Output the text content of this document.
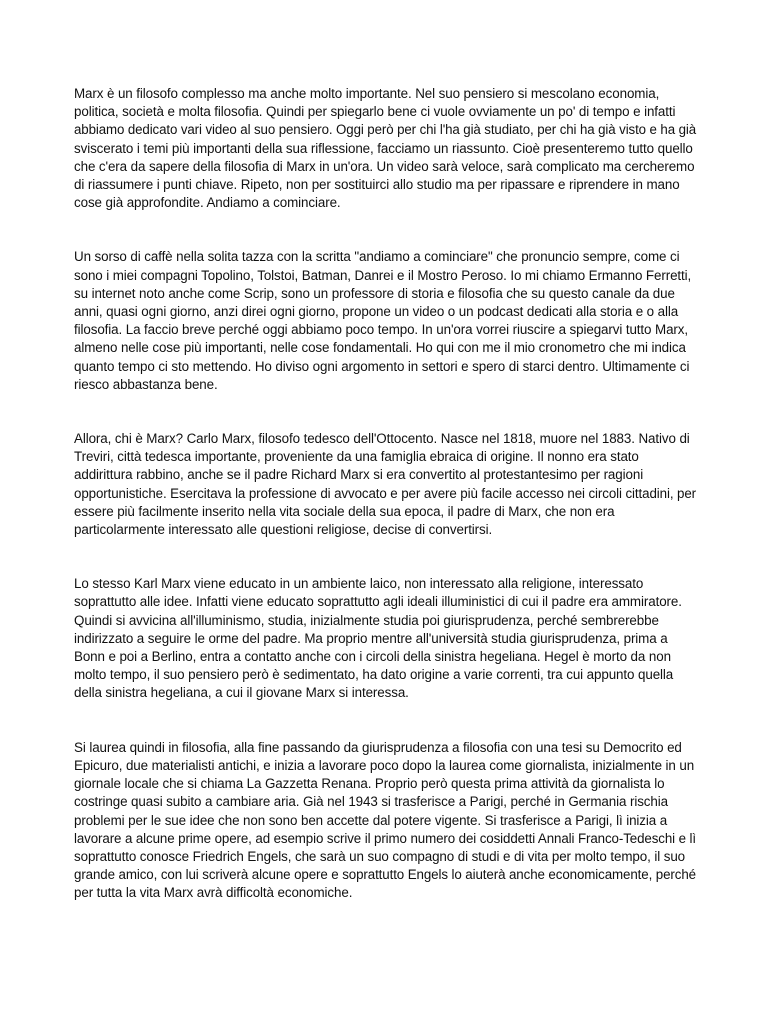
Marx è un filosofo complesso ma anche molto importante. Nel suo pensiero si mescolano economia,
politica, società e molta filosofia. Quindi per spiegarlo bene ci vuole ovviamente un po' di tempo e infatti
abbiamo dedicato vari video al suo pensiero. Oggi però per chi l'ha già studiato, per chi ha già visto e ha già
sviscerato i temi più importanti della sua riflessione, facciamo un riassunto. Cioè presenteremo tutto quello
che c'era da sapere della filosofia di Marx in un'ora. Un video sarà veloce, sarà complicato ma cercheremo
di riassumere i punti chiave. Ripeto, non per sostituirci allo studio ma per ripassare e riprendere in mano
cose già approfondite. Andiamo a cominciare.

Un sorso di caffè nella solita tazza con la scritta "andiamo a cominciare" che pronuncio sempre, come ci
sono i miei compagni Topolino, Tolstoi, Batman, Danrei e il Mostro Peroso. Io mi chiamo Ermanno Ferretti,
su internet noto anche come Scrip, sono un professore di storia e filosofia che su questo canale da due
anni, quasi ogni giorno, anzi direi ogni giorno, propone un video o un podcast dedicati alla storia e o alla
filosofia. La faccio breve perché oggi abbiamo poco tempo. In un'ora vorrei riuscire a spiegarvi tutto Marx,
almeno nelle cose più importanti, nelle cose fondamentali. Ho qui con me il mio cronometro che mi indica
quanto tempo ci sto mettendo. Ho diviso ogni argomento in settori e spero di starci dentro. Ultimamente ci
riesco abbastanza bene.

Allora, chi è Marx? Carlo Marx, filosofo tedesco dell'Ottocento. Nasce nel 1818, muore nel 1883. Nativo di
Treviri, città tedesca importante, proveniente da una famiglia ebraica di origine. Il nonno era stato
addirittura rabbino, anche se il padre Richard Marx si era convertito al protestantesimo per ragioni
opportunistiche. Esercitava la professione di avvocato e per avere più facile accesso nei circoli cittadini, per
essere più facilmente inserito nella vita sociale della sua epoca, il padre di Marx, che non era
particolarmente interessato alle questioni religiose, decise di convertirsi.

Lo stesso Karl Marx viene educato in un ambiente laico, non interessato alla religione, interessato
soprattutto alle idee. Infatti viene educato soprattutto agli ideali illuministici di cui il padre era ammiratore.
Quindi si avvicina all'illuminismo, studia, inizialmente studia poi giurisprudenza, perché sembrerebbe
indirizzato a seguire le orme del padre. Ma proprio mentre all'università studia giurisprudenza, prima a
Bonn e poi a Berlino, entra a contatto anche con i circoli della sinistra hegeliana. Hegel è morto da non
molto tempo, il suo pensiero però è sedimentato, ha dato origine a varie correnti, tra cui appunto quella
della sinistra hegeliana, a cui il giovane Marx si interessa.

Si laurea quindi in filosofia, alla fine passando da giurisprudenza a filosofia con una tesi su Democrito ed
Epicuro, due materialisti antichi, e inizia a lavorare poco dopo la laurea come giornalista, inizialmente in un
giornale locale che si chiama La Gazzetta Renana. Proprio però questa prima attività da giornalista lo
costringe quasi subito a cambiare aria. Già nel 1943 si trasferisce a Parigi, perché in Germania rischia
problemi per le sue idee che non sono ben accette dal potere vigente. Si trasferisce a Parigi, lì inizia a
lavorare a alcune prime opere, ad esempio scrive il primo numero dei cosiddetti Annali Franco-Tedeschi e lì
soprattutto conosce Friedrich Engels, che sarà un suo compagno di studi e di vita per molto tempo, il suo
grande amico, con lui scriverà alcune opere e soprattutto Engels lo aiuterà anche economicamente, perché
per tutta la vita Marx avrà difficoltà economiche.
